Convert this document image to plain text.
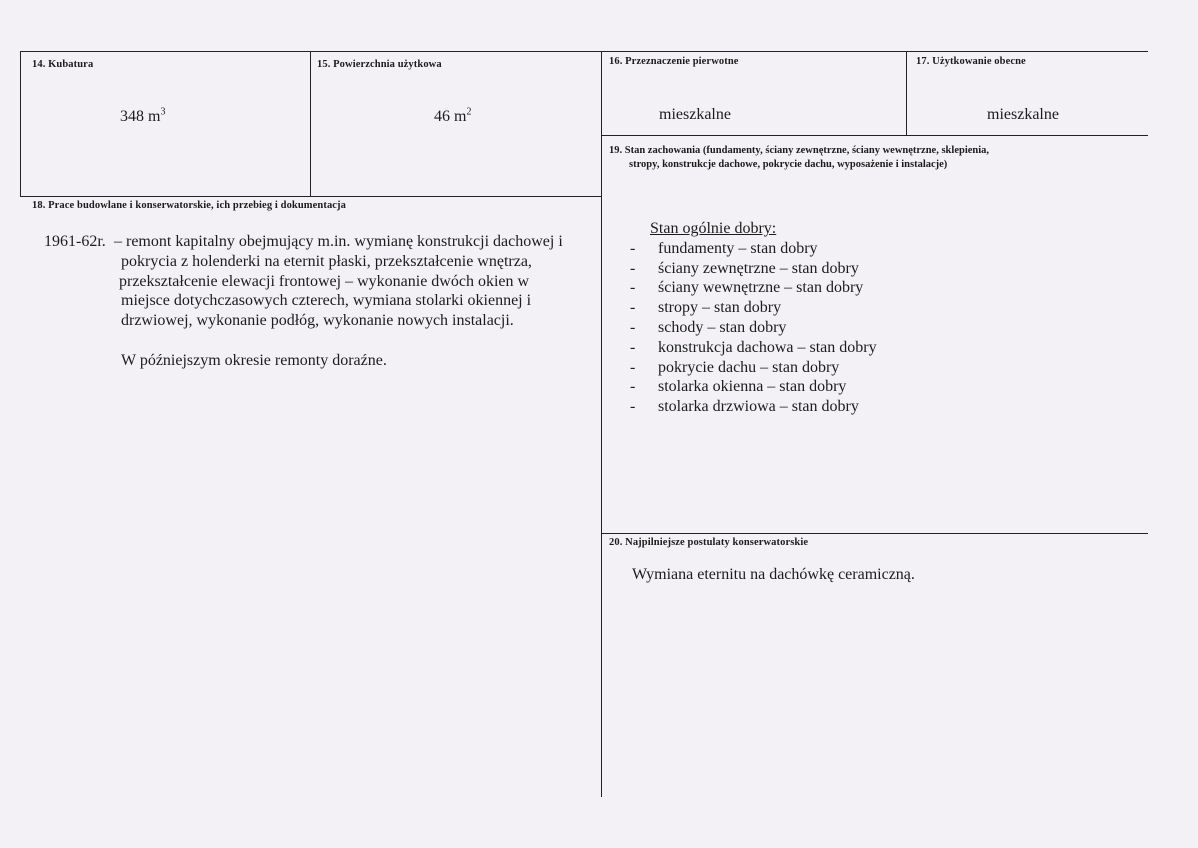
14. Kubatura
348 $m^3$
15. Powierzchnia użytkowa
46 $m^2$
16. Przeznaczenie pierwotne
mieszkalne
17. Użytkowanie obecne
mieszkalne
19. Stan zachowania (fundamenty, ściany zewnętrzne, ściany wewnętrzne, sklepienia,
stropy, konstrukcje dachowe, pokrycie dachu, wyposażenie i instalacje)
Stan ogólnie dobry:
- fundamenty – stan dobry
- ściany zewnętrzne – stan dobry
- ściany wewnętrzne – stan dobry
- stropy – stan dobry
- schody – stan dobry
- konstrukcja dachowa – stan dobry
- pokrycie dachu – stan dobry
- stolarka okienna – stan dobry
- stolarka drzwiowa – stan dobry
18. Prace budowlane i konserwatorskie, ich przebieg i dokumentacja
1961-62r. – remont kapitalny obejmujący m.in. wymianę konstrukcji dachowej i

pokrycia z holenderki na eternit płaski, przekształcenie wnętrza,

przekształcenie elewacji frontowej – wykonanie dwóch okien w

miejsce dotychczasowych czterech, wymiana stolarki okiennej i

drzwiowej, wykonanie podłóg, wykonanie nowych instalacji.

W późniejszym okresie remonty doraźne.
20. Najpilniejsze postulaty konserwatorskie
Wymiana eternitu na dachówkę ceramiczną.
